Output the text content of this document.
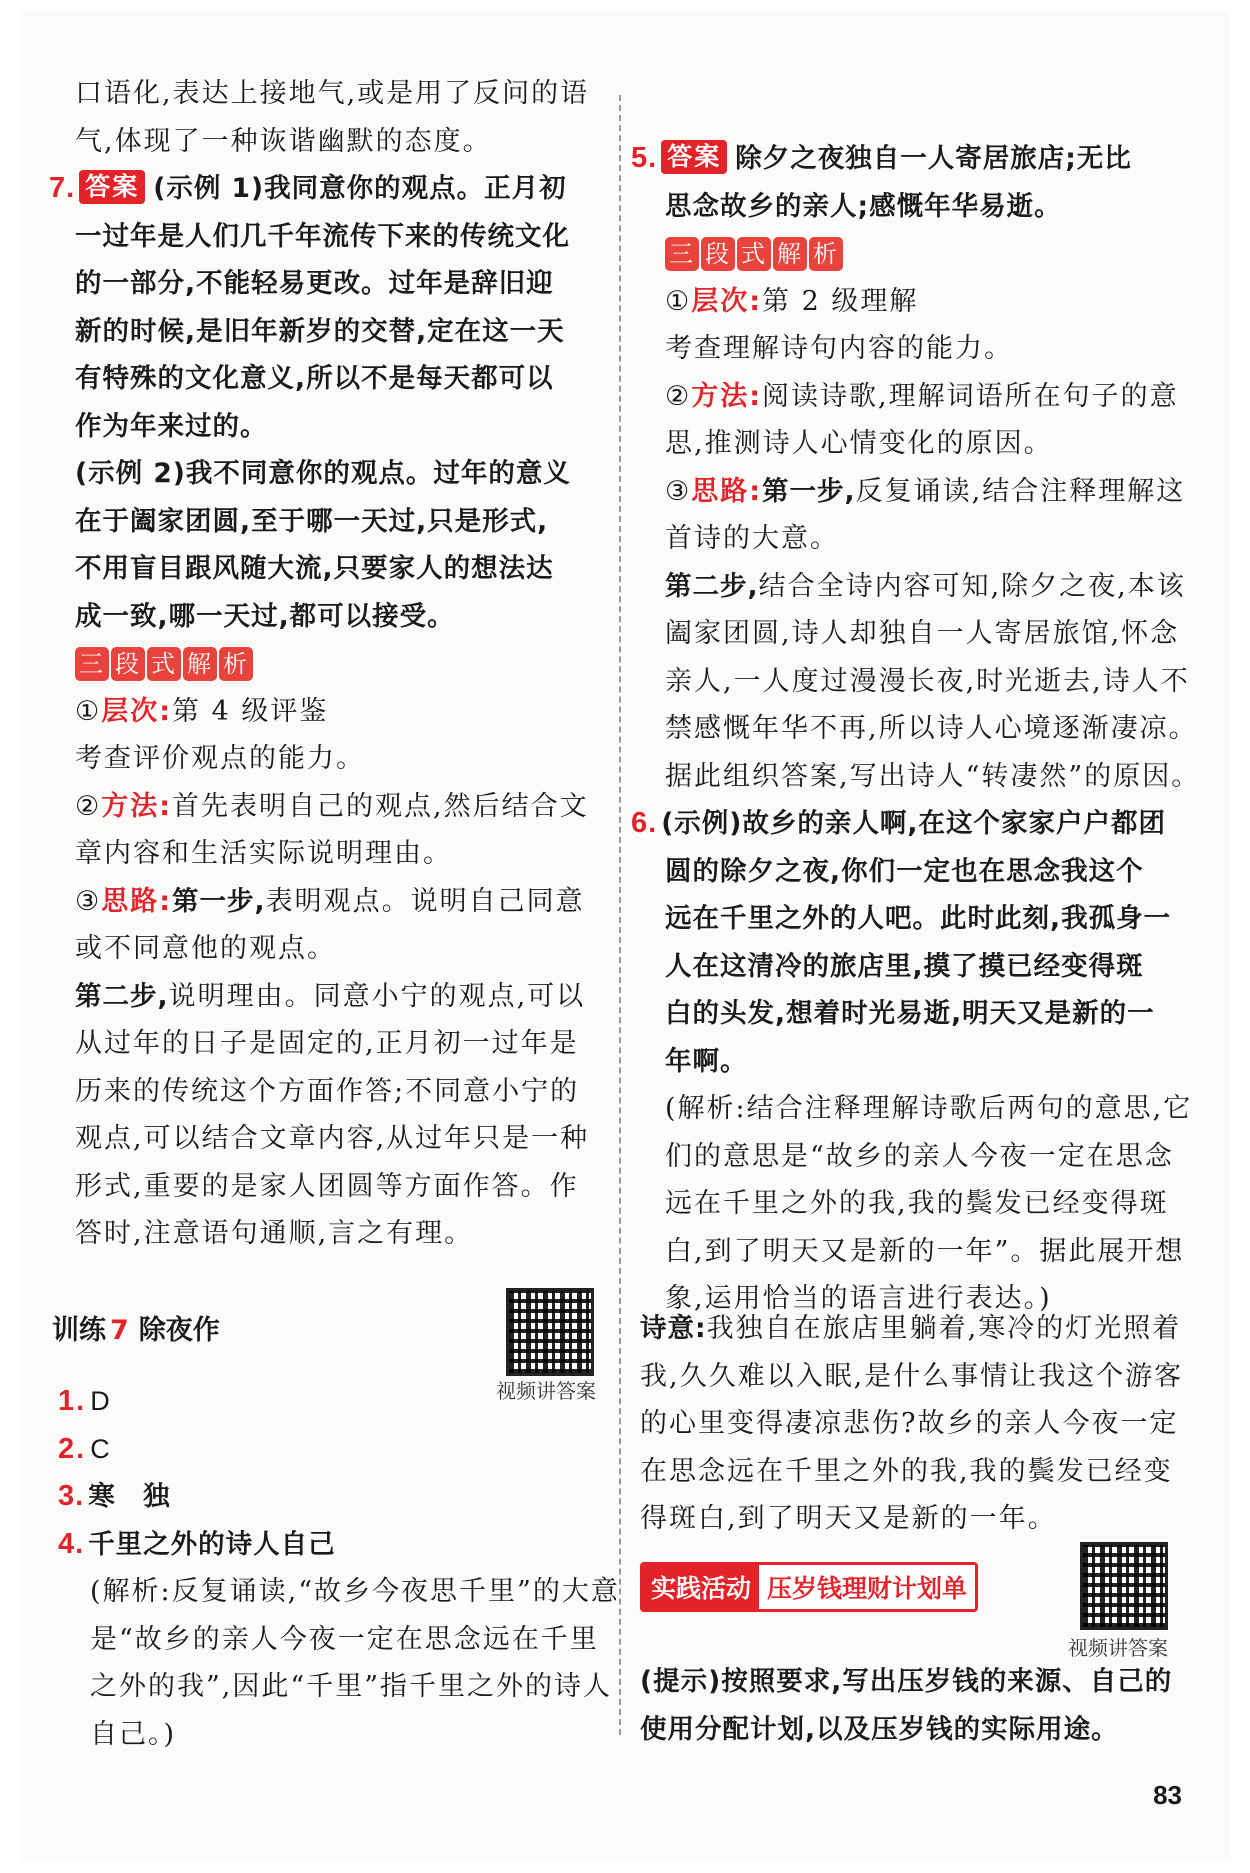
口语化,表达上接地气,或是用了反问的语
气,体现了一种诙谐幽默的态度。
7. 答案 (示例 1)我同意你的观点。正月初
一过年是人们几千年流传下来的传统文化
的一部分,不能轻易更改。过年是辞旧迎
新的时候,是旧年新岁的交替,定在这一天
有特殊的文化意义,所以不是每天都可以
作为年来过的。
(示例 2)我不同意你的观点。过年的意义
在于阖家团圆,至于哪一天过,只是形式,
不用盲目跟风随大流,只要家人的想法达
成一致,哪一天过,都可以接受。
三 段 式 解 析
①层次:第 4 级评鉴
考查评价观点的能力。
②方法:首先表明自己的观点,然后结合文
章内容和生活实际说明理由。
③思路:第一步,表明观点。说明自己同意
或不同意他的观点。
第二步,说明理由。同意小宁的观点,可以
从过年的日子是固定的,正月初一过年是
历来的传统这个方面作答;不同意小宁的
观点,可以结合文章内容,从过年只是一种
形式,重要的是家人团圆等方面作答。作
答时,注意语句通顺,言之有理。
训练 7 除夜作
视频讲答案
1. D
2. C
3. 寒　独
4. 千里之外的诗人自己
(解析:反复诵读,“故乡今夜思千里”的大意
是“故乡的亲人今夜一定在思念远在千里
之外的我”,因此“千里”指千里之外的诗人
自己。)
5. 答案 除夕之夜独自一人寄居旅店;无比
思念故乡的亲人;感慨年华易逝。
三 段 式 解 析
①层次:第 2 级理解
考查理解诗句内容的能力。
②方法:阅读诗歌,理解词语所在句子的意
思,推测诗人心情变化的原因。
③思路:第一步,反复诵读,结合注释理解这
首诗的大意。
第二步,结合全诗内容可知,除夕之夜,本该
阖家团圆,诗人却独自一人寄居旅馆,怀念
亲人,一人度过漫漫长夜,时光逝去,诗人不
禁感慨年华不再,所以诗人心境逐渐凄凉。
据此组织答案,写出诗人“转凄然”的原因。
6. (示例)故乡的亲人啊,在这个家家户户都团
圆的除夕之夜,你们一定也在思念我这个
远在千里之外的人吧。此时此刻,我孤身一
人在这清冷的旅店里,摸了摸已经变得斑
白的头发,想着时光易逝,明天又是新的一
年啊。
(解析:结合注释理解诗歌后两句的意思,它
们的意思是“故乡的亲人今夜一定在思念
远在千里之外的我,我的鬓发已经变得斑
白,到了明天又是新的一年”。据此展开想
象,运用恰当的语言进行表达。)
诗意:我独自在旅店里躺着,寒冷的灯光照着
我,久久难以入眠,是什么事情让我这个游客
的心里变得凄凉悲伤?故乡的亲人今夜一定
在思念远在千里之外的我,我的鬓发已经变
得斑白,到了明天又是新的一年。
实践活动 压岁钱理财计划单
视频讲答案
(提示)按照要求,写出压岁钱的来源、自己的
使用分配计划,以及压岁钱的实际用途。
83
